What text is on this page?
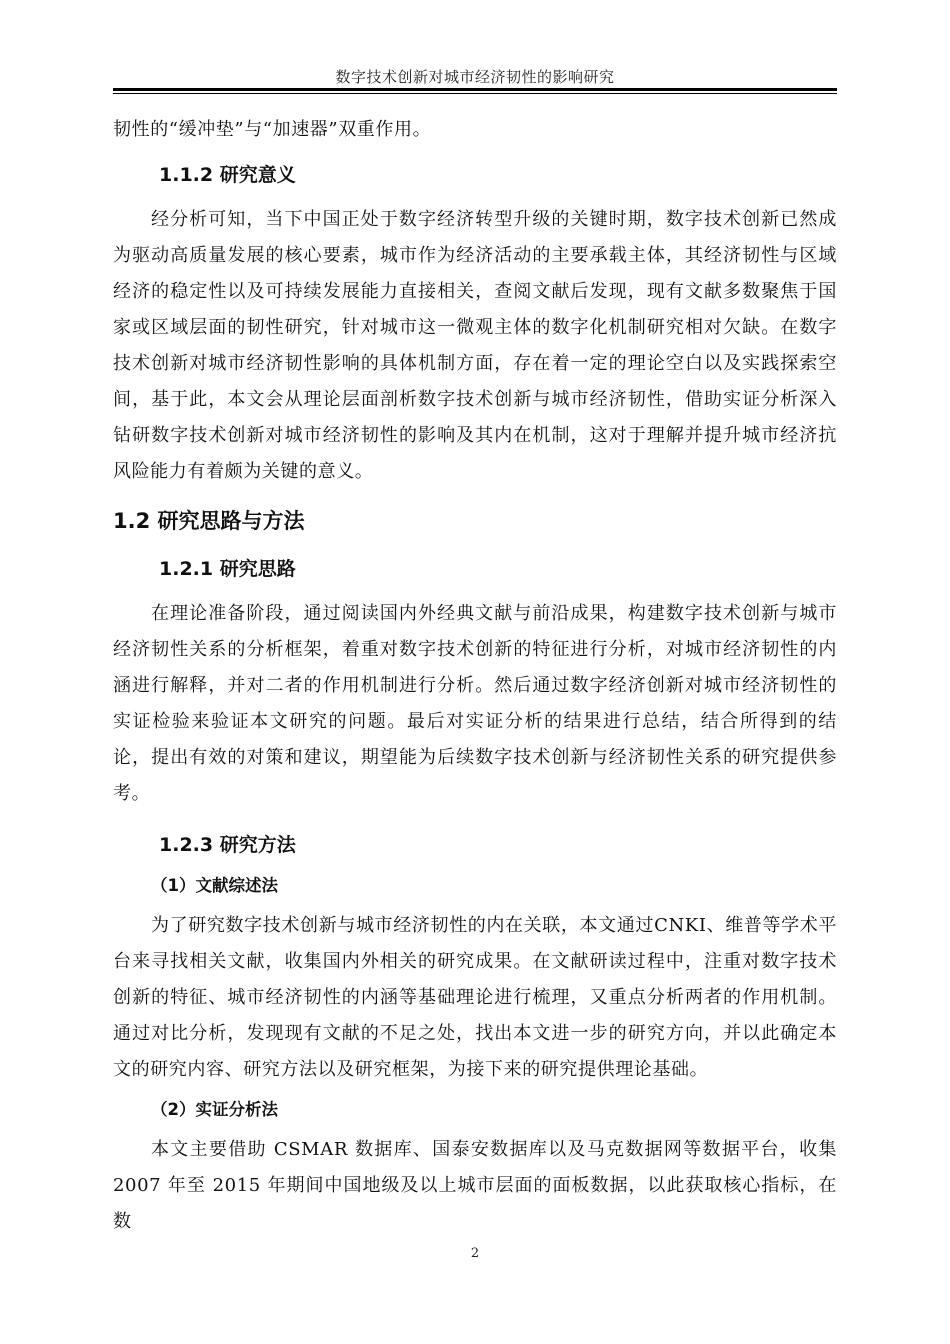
数字技术创新对城市经济韧性的影响研究

韧性的“缓冲垫”与“加速器”双重作用。

1.1.2 研究意义

经分析可知，当下中国正处于数字经济转型升级的关键时期，数字技术创新已然成为驱动高质量发展的核心要素，城市作为经济活动的主要承载主体，其经济韧性与区域经济的稳定性以及可持续发展能力直接相关，查阅文献后发现，现有文献多数聚焦于国家或区域层面的韧性研究，针对城市这一微观主体的数字化机制研究相对欠缺。在数字技术创新对城市经济韧性影响的具体机制方面，存在着一定的理论空白以及实践探索空间，基于此，本文会从理论层面剖析数字技术创新与城市经济韧性，借助实证分析深入钻研数字技术创新对城市经济韧性的影响及其内在机制，这对于理解并提升城市经济抗风险能力有着颇为关键的意义。

1.2 研究思路与方法
1.2.1 研究思路

在理论准备阶段，通过阅读国内外经典文献与前沿成果，构建数字技术创新与城市经济韧性关系的分析框架，着重对数字技术创新的特征进行分析，对城市经济韧性的内涵进行解释，并对二者的作用机制进行分析。然后通过数字经济创新对城市经济韧性的实证检验来验证本文研究的问题。最后对实证分析的结果进行总结，结合所得到的结论，提出有效的对策和建议，期望能为后续数字技术创新与经济韧性关系的研究提供参考。

1.2.3 研究方法
（1）文献综述法

为了研究数字技术创新与城市经济韧性的内在关联，本文通过CNKI、维普等学术平台来寻找相关文献，收集国内外相关的研究成果。在文献研读过程中，注重对数字技术创新的特征、城市经济韧性的内涵等基础理论进行梳理，又重点分析两者的作用机制。通过对比分析，发现现有文献的不足之处，找出本文进一步的研究方向，并以此确定本文的研究内容、研究方法以及研究框架，为接下来的研究提供理论基础。

（2）实证分析法

本文主要借助 CSMAR 数据库、国泰安数据库以及马克数据网等数据平台，收集 2007 年至 2015 年期间中国地级及以上城市层面的面板数据，以此获取核心指标，在数

2
